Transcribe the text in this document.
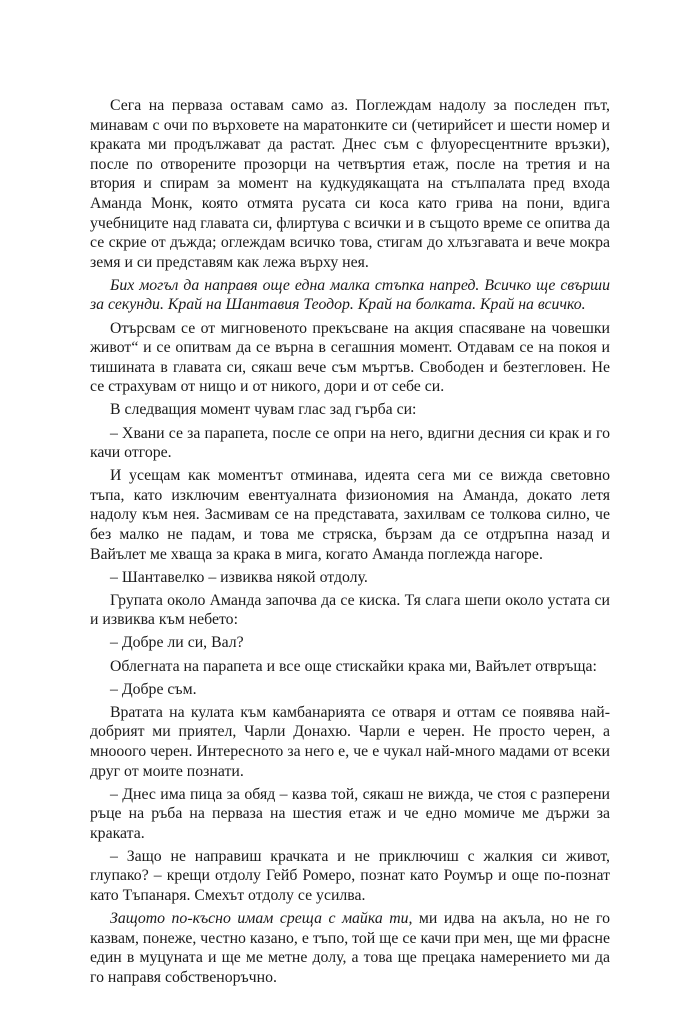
Сега на перваза оставам само аз. Поглеждам надолу за последен път, минавам с очи по върховете на маратонките си (четирийсет и шести номер и краката ми продължават да растат. Днес съм с флуоресцентните връзки), после по отворените прозорци на четвъртия етаж, после на третия и на втория и спирам за момент на кудкудякащата на стълпалата пред входа Аманда Монк, която отмята русата си коса като грива на пони, вдига учебниците над главата си, флиртува с всички и в същото време се опитва да се скрие от дъжда; оглеждам всичко това, стигам до хлъзгавата и вече мокра земя и си представям как лежа върху нея.

Бих могъл да направя още една малка стъпка напред. Всичко ще свърши за секунди. Край на Шантавия Теодор. Край на болката. Край на всичко.

Отърсвам се от мигновеното прекъсване на акция спасяване на човешки живот“ и се опитвам да се върна в сегашния момент. Отдавам се на покоя и тишината в главата си, сякаш вече съм мъртъв. Свободен и безтегловен. Не се страхувам от нищо и от никого, дори и от себе си.

В следващия момент чувам глас зад гърба си:

– Хвани се за парапета, после се опри на него, вдигни десния си крак и го качи отгоре.

И усещам как моментът отминава, идеята сега ми се вижда световно тъпа, като изключим евентуалната физиономия на Аманда, докато летя надолу към нея. Засмивам се на представата, захилвам се толкова силно, че без малко не падам, и това ме стряска, бързам да се отдръпна назад и Вайълет ме хваща за крака в мига, когато Аманда поглежда нагоре.

– Шантавелко – извиква някой отдолу.

Групата около Аманда започва да се киска. Тя слага шепи около устата си и извиква към небето:

– Добре ли си, Вал?

Облегната на парапета и все още стискайки крака ми, Вайълет отвръща:

– Добре съм.

Вратата на кулата към камбанарията се отваря и оттам се появява най-добрият ми приятел, Чарли Донахю. Чарли е черен. Не просто черен, а мнооого черен. Интересното за него е, че е чукал най-много мадами от всеки друг от моите познати.

– Днес има пица за обяд – казва той, сякаш не вижда, че стоя с разперени ръце на ръба на перваза на шестия етаж и че едно момиче ме държи за краката.

– Защо не направиш крачката и не приключиш с жалкия си живот, глупако? – крещи отдолу Гейб Ромеро, познат като Роумър и още по-познат като Тъпанаря. Смехът отдолу се усилва.

Защото по-късно имам среща с майка ти, ми идва на акъла, но не го казвам, понеже, честно казано, е тъпо, той ще се качи при мен, ще ми фрасне един в муцуната и ще ме метне долу, а това ще прецака намерението ми да го направя собственоръчно.
